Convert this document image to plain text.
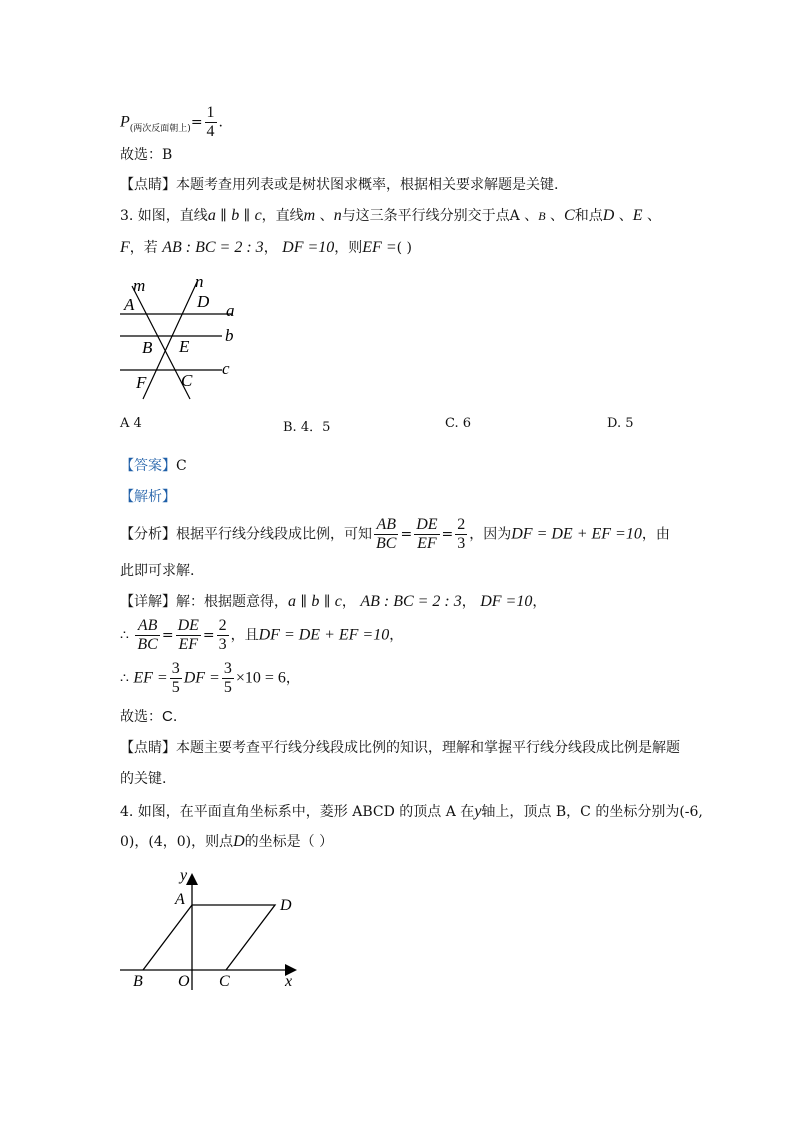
$P_{(两次反面朝上)}= \frac{1}{4}$ .
故选：B
【点睛】本题考查用列表或是树状图求概率，根据相关要求解题是关键.
3. 如图，直线a ∥ b ∥ c，直线m 、n与这三条平行线分别交于点A 、B 、C和点D 、E 、
F，若 AB : BC = 2 : 3， DF =10，则EF =( )
m	n
A	D a
b
B E
c
F C
A 4	B. 4．5	C. 6	D. 5
【答案】C
【解析】
【分析】根据平行线分线段成比例，可知 $\frac{AB}{BC} = \frac{DE}{EF} = \frac{2}{3}$ ，因为DF = DE + EF =10，由
此即可求解.
【详解】解：根据题意得，a ∥ b ∥ c， AB : BC = 2 : 3， DF =10，
∴ $\frac{AB}{BC} = \frac{DE}{EF} = \frac{2}{3}$ ，且DF = DE + EF =10，
∴ EF = $\frac{3}{5}$ DF = $\frac{3}{5} \times 10 = 6$，
故选：C.
【点睛】本题主要考查平行线分线段成比例的知识，理解和掌握平行线分线段成比例是解题
的关键.
4. 如图，在平面直角坐标系中，菱形 ABCD 的顶点 A 在y轴上，顶点 B，C 的坐标分别为(-6,
0)，(4，0)，则点D的坐标是（ ）
y
A	D
B O C	x
